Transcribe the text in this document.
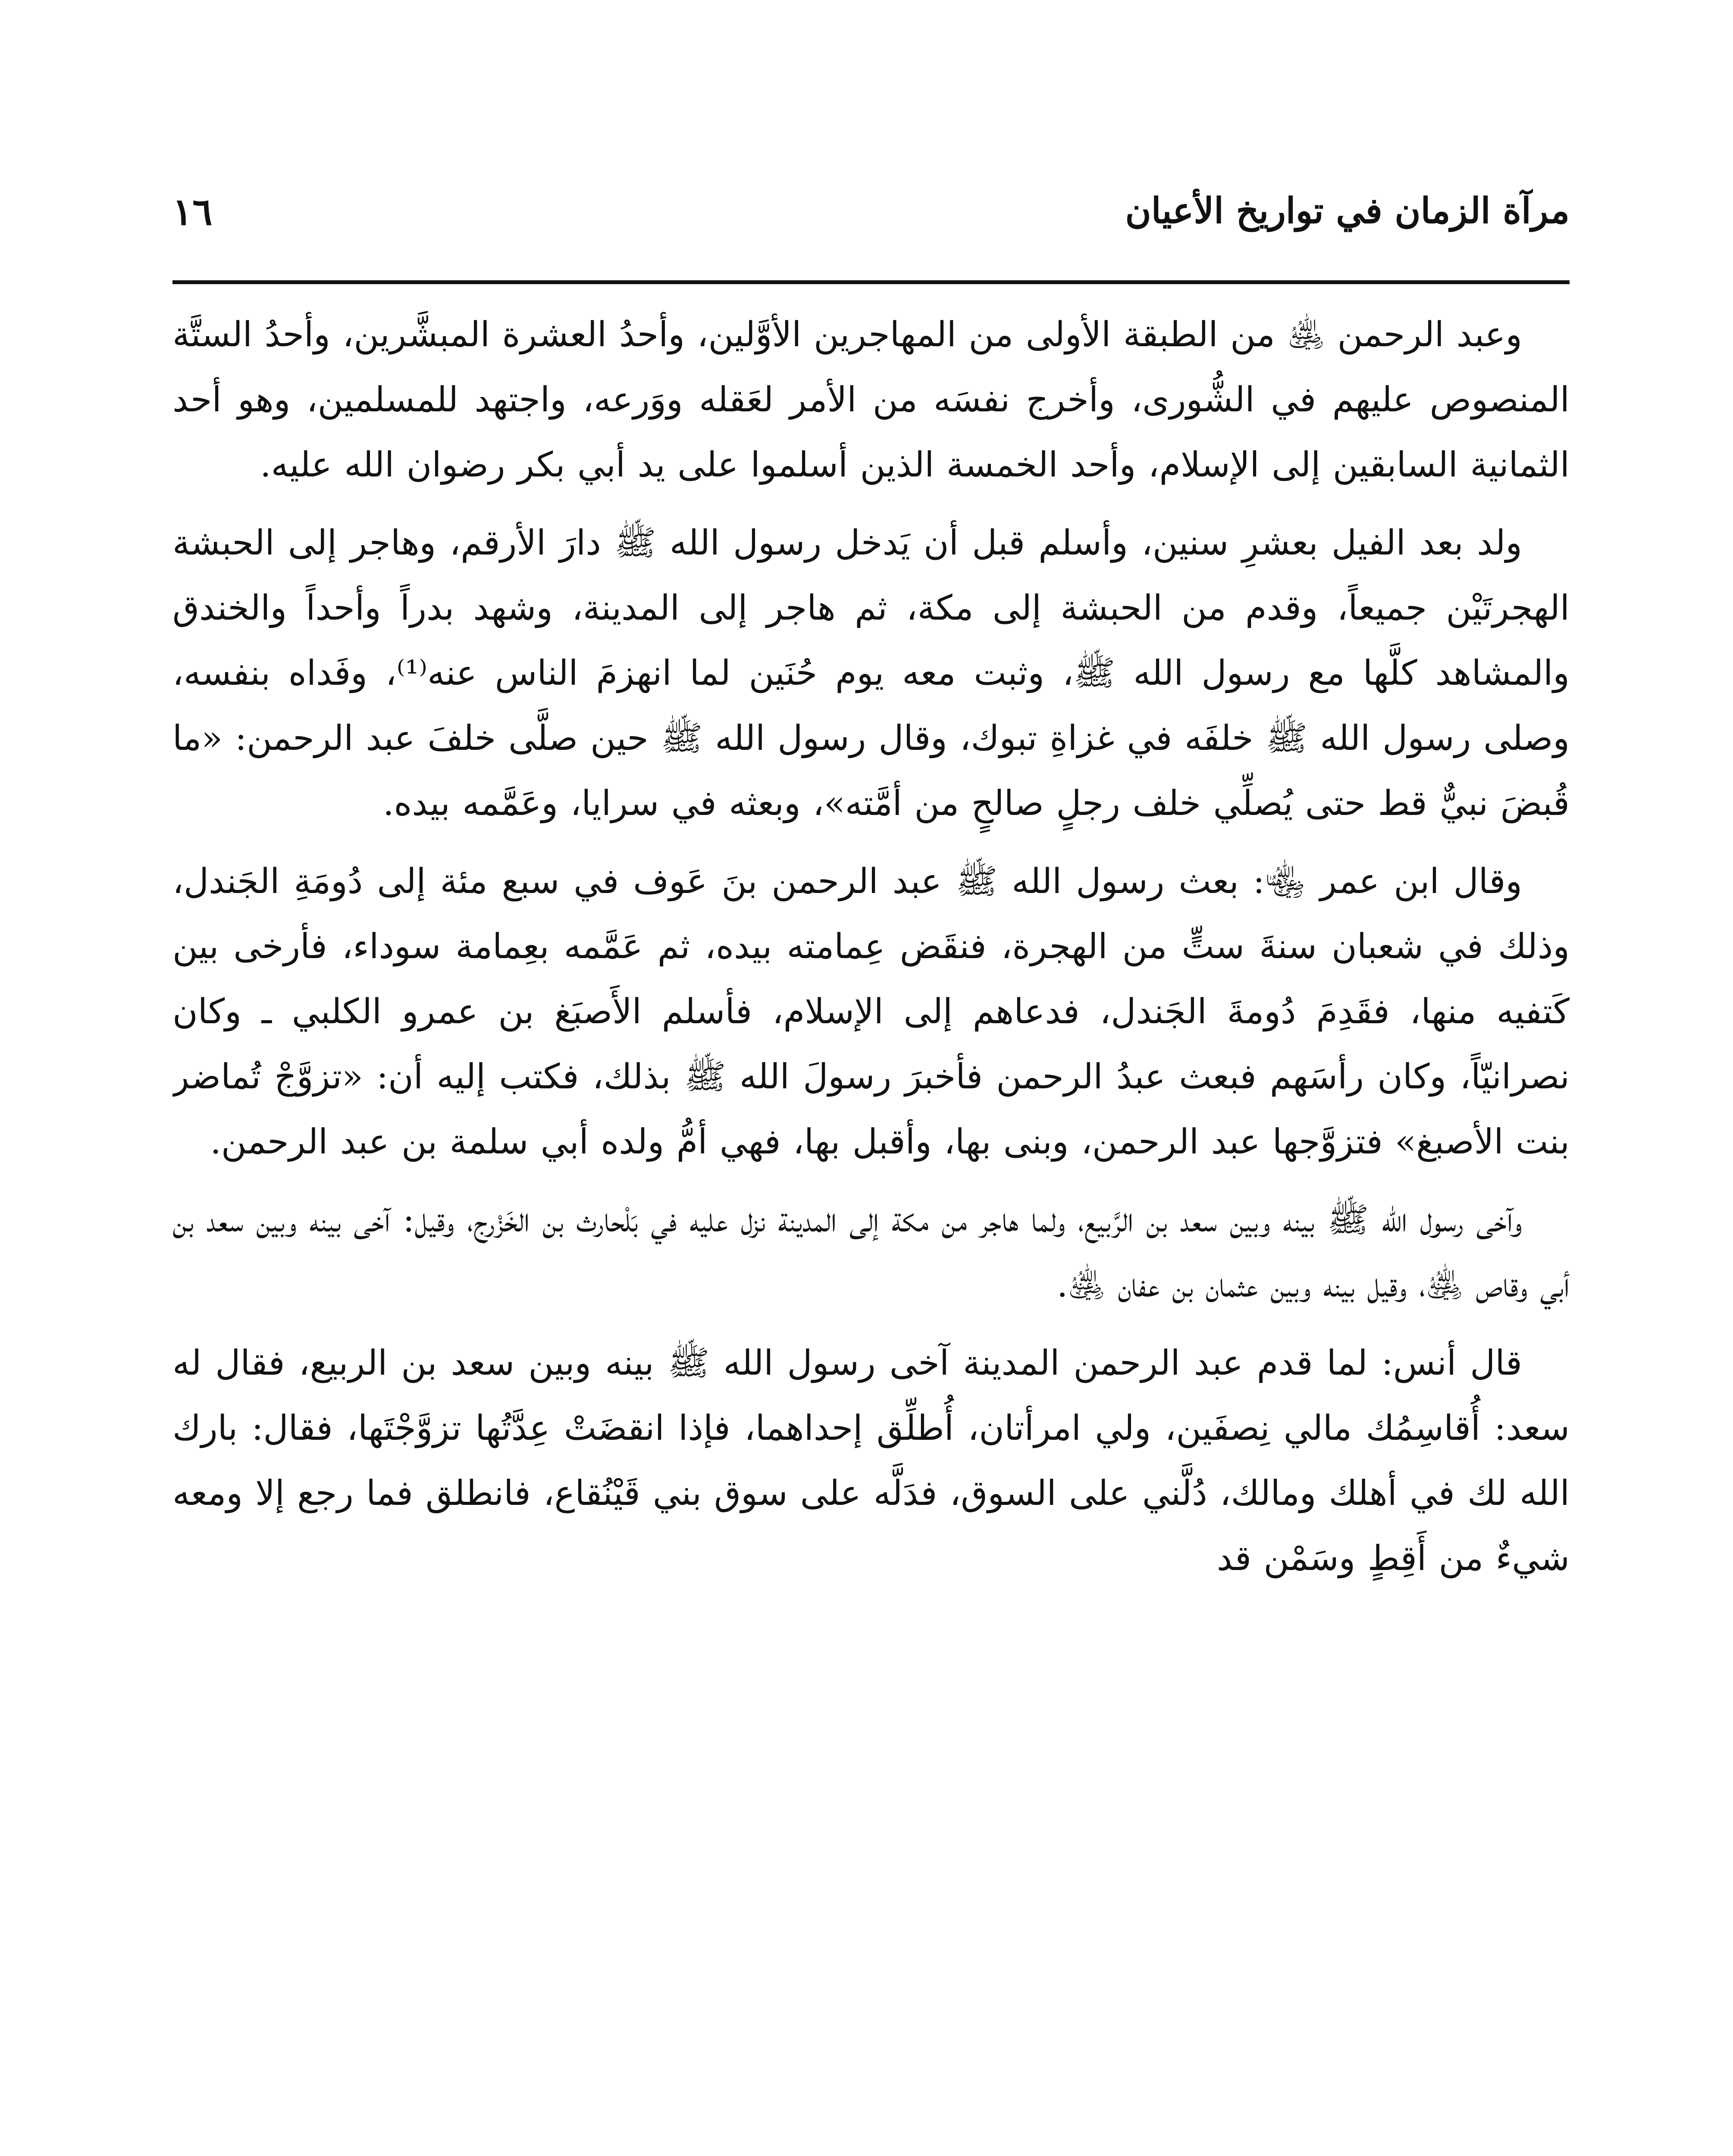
مرآة الزمان في تواريخ الأعيان
١٦

وعبد الرحمن ﵁ من الطبقة الأولى من المهاجرين الأوَّلين، وأحدُ العشرة المبشَّرين، وأحدُ الستَّة المنصوص عليهم في الشُّورى، وأخرج نفسَه من الأمر لعَقله ووَرعه، واجتهد للمسلمين، وهو أحد الثمانية السابقين إلى الإسلام، وأحد الخمسة الذين أسلموا على يد أبي بكر رضوان الله عليه.

ولد بعد الفيل بعشرِ سنين، وأسلم قبل أن يَدخل رسول الله ﷺ دارَ الأرقم، وهاجر إلى الحبشة الهجرتَيْن جميعاً، وقدم من الحبشة إلى مكة، ثم هاجر إلى المدينة، وشهد بدراً وأحداً والخندق والمشاهد كلَّها مع رسول الله ﷺ، وثبت معه يوم حُنَين لما انهزمَ الناس عنه⁽¹⁾، وفَداه بنفسه، وصلى رسول الله ﷺ خلفَه في غزاةِ تبوك، وقال رسول الله ﷺ حين صلَّى خلفَ عبد الرحمن: «ما قُبضَ نبيٌّ قط حتى يُصلِّي خلف رجلٍ صالحٍ من أمَّته»، وبعثه في سرايا، وعَمَّمه بيده.

وقال ابن عمر ﵄: بعث رسول الله ﷺ عبد الرحمن بنَ عَوف في سبع مئة إلى دُومَةِ الجَندل، وذلك في شعبان سنةَ ستٍّ من الهجرة، فنقَض عِمامته بيده، ثم عَمَّمه بعِمامة سوداء، فأرخى بين كَتفيه منها، فقَدِمَ دُومةَ الجَندل، فدعاهم إلى الإسلام، فأسلم الأَصبَغ بن عمرو الكلبي ـ وكان نصرانيّاً، وكان رأسَهم فبعث عبدُ الرحمن فأخبرَ رسولَ الله ﷺ بذلك، فكتب إليه أن: «تزوَّجْ تُماضر بنت الأصبغ» فتزوَّجها عبد الرحمن، وبنى بها، وأقبل بها، فهي أمُّ ولده أبي سلمة بن عبد الرحمن.

وآخى رسول الله ﷺ بينه وبين سعد بن الرَّبيع، ولما هاجر من مكة إلى المدينة نزل عليه في بَلْحارث بن الخَزْرج، وقيل: آخى بينه وبين سعد بن أبي وقاص ﵁، وقيل بينه وبين عثمان بن عفان ﵁.

قال أنس: لما قدم عبد الرحمن المدينة آخى رسول الله ﷺ بينه وبين سعد بن الربيع، فقال له سعد: أُقاسِمُك مالي نِصفَين، ولي امرأتان، أُطلِّق إحداهما، فإذا انقضَتْ عِدَّتُها تزوَّجْتَها، فقال: بارك الله لك في أهلك ومالك، دُلَّني على السوق، فدَلَّه على سوق بني قَيْنُقاع، فانطلق فما رجع إلا ومعه شيءٌ من أَقِطٍ وسَمْن قد
